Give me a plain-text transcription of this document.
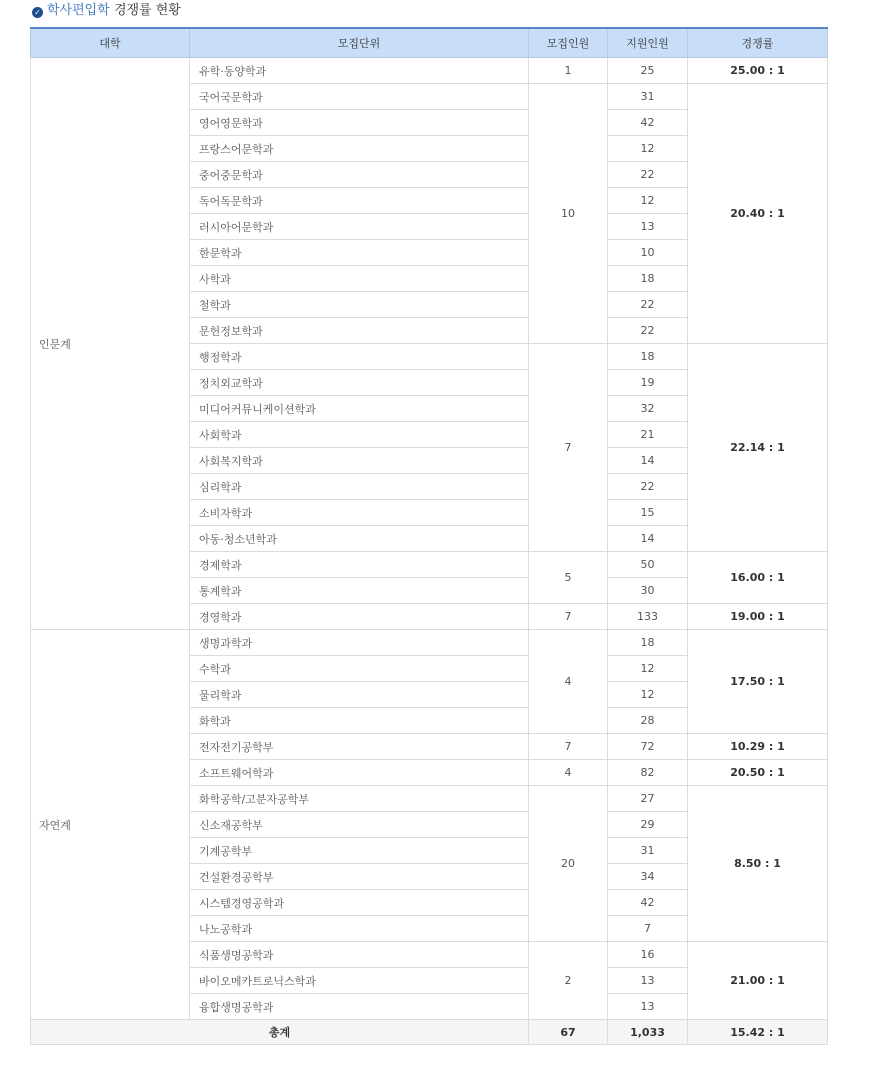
✓ 학사편입학 경쟁률 현황
대학	모집단위	모집인원	지원인원	경쟁률
인문계	유학·동양학과	1	25	25.00 : 1
	국어국문학과	10	31	20.40 : 1
	영어영문학과		42	
	프랑스어문학과		12	
	중어중문학과		22	
	독어독문학과		12	
	러시아어문학과		13	
	한문학과		10	
	사학과		18	
	철학과		22	
	문헌정보학과		22	
	행정학과	7	18	22.14 : 1
	정치외교학과		19	
	미디어커뮤니케이션학과		32	
	사회학과		21	
	사회복지학과		14	
	심리학과		22	
	소비자학과		15	
	아동·청소년학과		14	
	경제학과	5	50	16.00 : 1
	통계학과		30	
	경영학과	7	133	19.00 : 1
자연계	생명과학과	4	18	17.50 : 1
	수학과		12	
	물리학과		12	
	화학과		28	
	전자전기공학부	7	72	10.29 : 1
	소프트웨어학과	4	82	20.50 : 1
	화학공학/고분자공학부	20	27	8.50 : 1
	신소재공학부		29	
	기계공학부		31	
	건설환경공학부		34	
	시스템경영공학과		42	
	나노공학과		7	
	식품생명공학과	2	16	21.00 : 1
	바이오메카트로닉스학과		13	
	융합생명공학과		13	
총계		67	1,033	15.42 : 1
